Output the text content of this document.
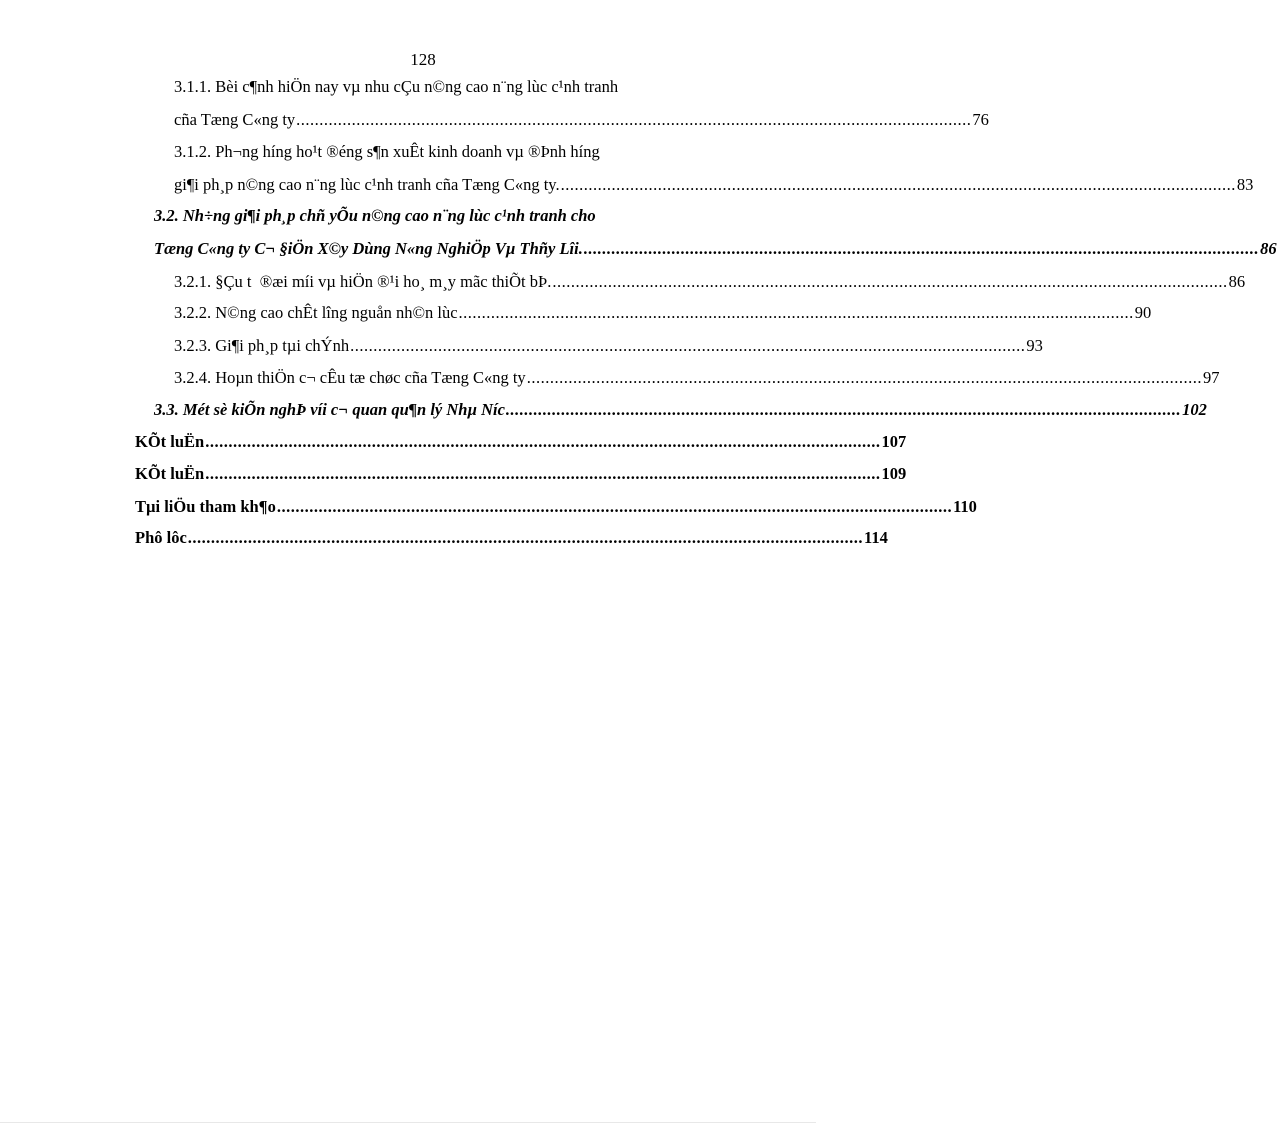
128
3.1.1. Bèi c¶nh hiÖn nay vµ nhu cÇu n©ng cao n¨ng lùc c¹nh tranh
cña Tæng C«ng ty .................................................................................................................................................. 76
3.1.2. Ph¬ng híng ho¹t ®éng s¶n xuÊt kinh doanh vµ ®Þnh híng
gi¶i ph¸p n©ng cao n¨ng lùc c¹nh tranh cña Tæng C«ng ty. .................................................................................................................................................. 83
3.2. Nh÷ng gi¶i ph¸p chñ yÕu n©ng cao n¨ng lùc c¹nh tranh cho
Tæng C«ng ty C¬ §iÖn X©y Dùng N«ng NghiÖp Vµ Thñy Lîi. .................................................................................................................................................. 86
3.2.1. §Çu t ®æi míi vµ hiÖn ®¹i ho¸ m¸y mãc thiÕt bÞ. .................................................................................................................................................. 86
3.2.2. N©ng cao chÊt lîng nguån nh©n lùc .................................................................................................................................................. 90
3.2.3. Gi¶i ph¸p tµi chÝnh .................................................................................................................................................. 93
3.2.4. Hoµn thiÖn c¬ cÊu tæ chøc cña Tæng C«ng ty .................................................................................................................................................. 97
3.3. Mét sè kiÕn nghÞ víi c¬ quan qu¶n lý Nhµ Níc .................................................................................................................................................. 102
KÕt luËn .................................................................................................................................................. 107
KÕt luËn .................................................................................................................................................. 109
Tµi liÖu tham kh¶o .................................................................................................................................................. 110
Phô lôc .................................................................................................................................................. 114
